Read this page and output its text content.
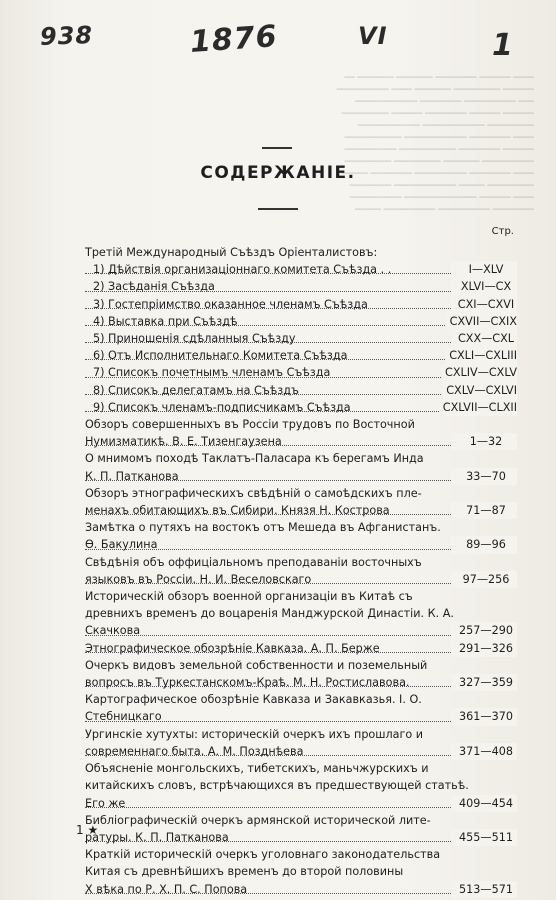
938	1876	VI	1
━━━━ ━━━━━━ ━━━━━━━━ ━━━━━━━ ━━━━━━━ ━━
━━━━━━ ━━━━━━━━━ ━━━━━━━ ━━━━ ━━━━━━━━━━
━━━ ━━━━━━━━━━ ━━━━━━━━ ━━━━━━━━━━━━
━━━━━━ ━━━━━━ ━━━━━━━━ ━━━━━━ ━━━━━━━━━
━━━━━━━━━ ━━━━━━━━━━━━ ━━━━━━━━━━━━
━━━━ ━━━━━━━━ ━━━━━━━━━━━━ ━━━━━━━━━━━
━━━━━━ ━━━━━━━━ ━━━━━━━━━━━ ━━━━━━━━━━
━━━━━━━━━━ ━━━━━━━ ━━━━━━━━━ ━━━━━━━━━
━━━━ ━━━━━━━━ ━━━━━━━━━━ ━━━━━━━━ ━━━━━
━━━━━━━━━ ━━━━━ ━━━━━━━━━━━━ ━━━━━━━━
━━━━ ━━━━━━ ━━━━━━━━━━━━━━ ━━━━━━━━━━
━━━━━━━━ ━━━━━━━━━━ ━━━━━━━━━━ ━━━━━
СОДЕРЖАНІЕ.
Стр.
Третій Международный Съѣздъ Оріенталистовъ:
1) Дѣйствія организаціоннаго комитета Съѣзда . .	I—XLV
2) Засѣданія Съѣзда	XLVI—CX
3) Гостепріимство оказанное членамъ Съѣзда	CXI—CXVI
4) Выставка при Съѣздѣ	CXVII—CXIX
5) Приношенія сдѣланныя Съѣзду	CXX—CXL
6) Отъ Исполнительнаго Комитета Съѣзда	CXLI—CXLIII
7) Списокъ почетнымъ членамъ Съѣзда	CXLIV—CXLV
8) Списокъ делегатамъ на Съѣздъ	CXLV—CXLVI
9) Списокъ членамъ-подписчикамъ Съѣзда	CXLVII—CLXII
Обзоръ совершенныхъ въ Россіи трудовъ по Восточной
Нумизматикѣ. В. Е. Тизенгаузена	1—32
О мнимомъ походѣ Таклатъ-Паласара къ берегамъ Инда
К. П. Патканова	33—70
Обзоръ этнографическихъ свѣдѣній о самоѣдскихъ пле-
менахъ обитающихъ въ Сибири. Князя Н. Кострова	71—87
Замѣтка о путяхъ на востокъ отъ Мешеда въ Афганистанъ.
Ѳ. Бакулина	89—96
Свѣдѣнія объ оффиціальномъ преподаваніи восточныхъ
языковъ въ Россіи. Н. И. Веселовскаго	97—256
Историческій обзоръ военной организаціи въ Китаѣ съ
древнихъ временъ до воцаренія Манджурской Династіи. К. А.
Скачкова	257—290
Этнографическое обозрѣніе Кавказа. А. П. Берже	291—326
Очеркъ видовъ земельной собственности и поземельный
вопросъ въ Туркестанскомъ-Краѣ. М. Н. Ростиславова.	327—359
Картографическое обозрѣніе Кавказа и Закавказья. І. О.
Стебницкаго	361—370
Ургинскіе хутухты: историческій очеркъ ихъ прошлаго и
современнаго быта. А. М. Позднѣева	371—408
Объясненіе монгольскихъ, тибетскихъ, маньчжурскихъ и
китайскихъ словъ, встрѣчающихся въ предшествующей статьѣ.
Его же	409—454
Библіографическій очеркъ армянской исторической лите-
ратуры. К. П. Патканова	455—511
Краткій историческій очеркъ уголовнаго законодательства
Китая съ древнѣйшихъ временъ до второй половины
Х вѣка по Р. Х. П. С. Попова	513—571
1 ★
